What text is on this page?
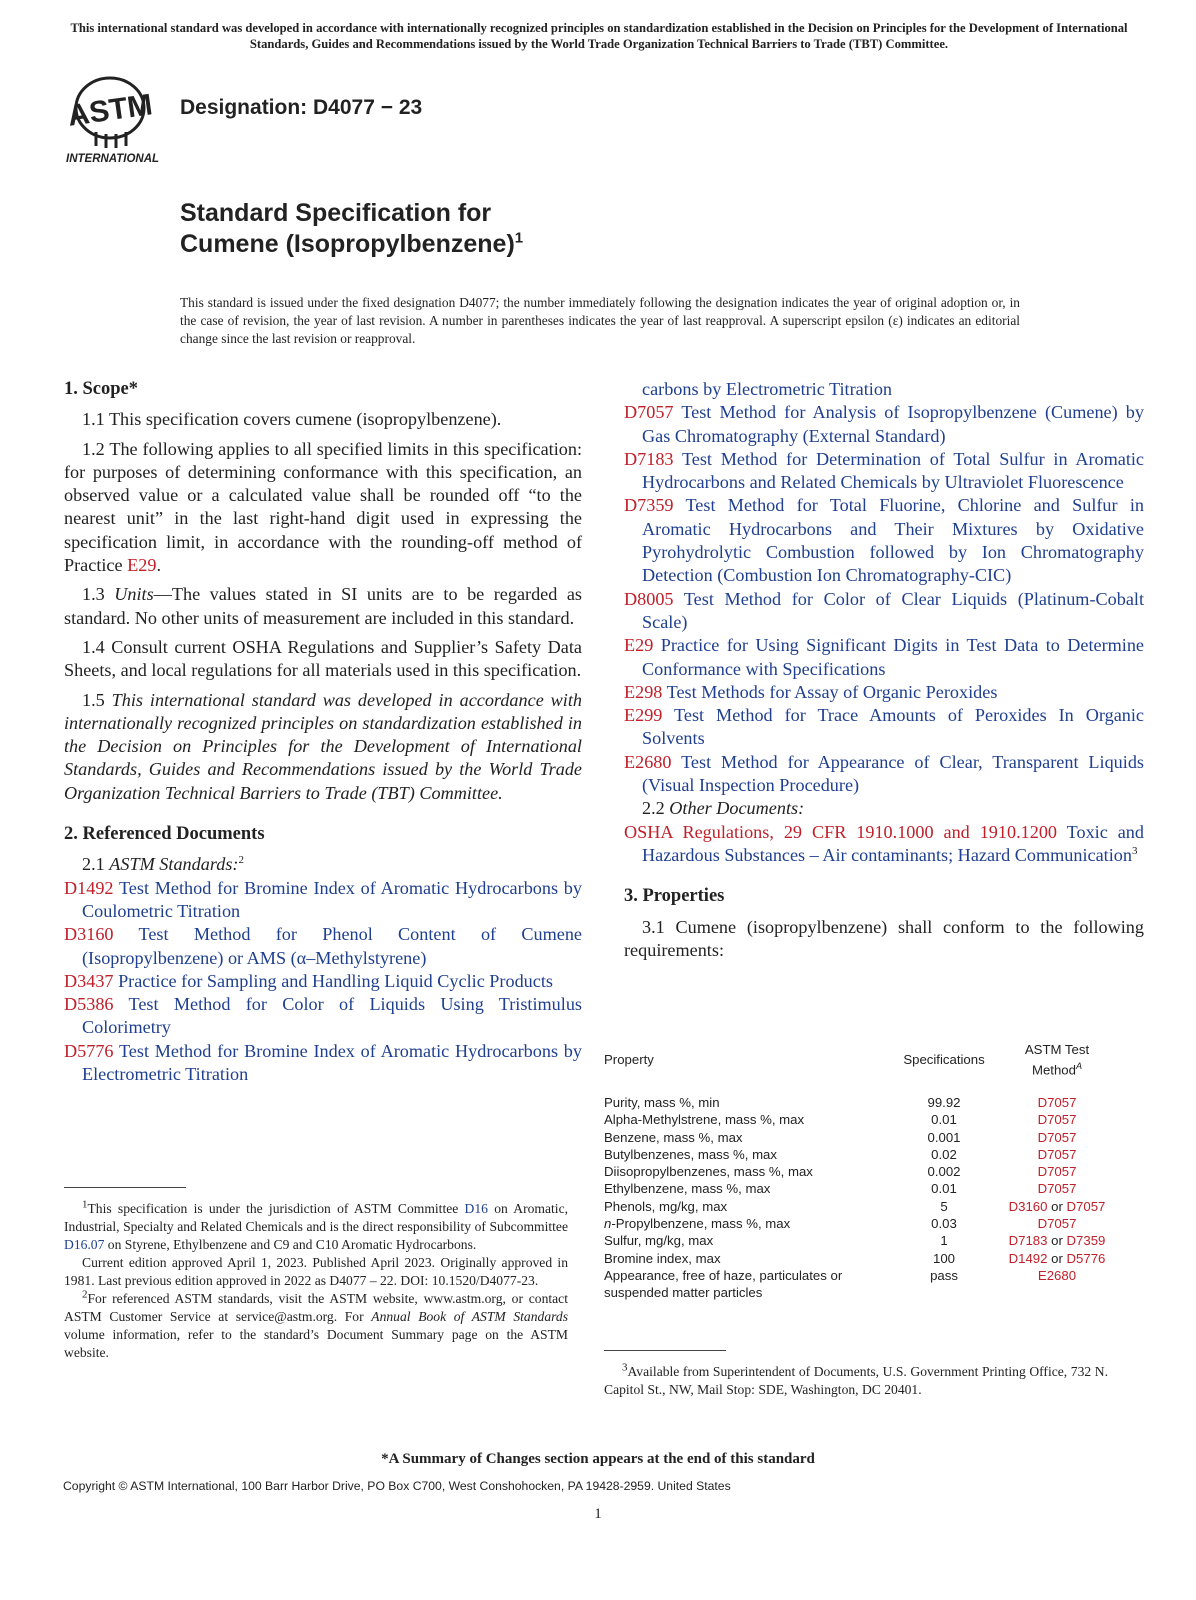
This international standard was developed in accordance with internationally recognized principles on standardization established in the Decision on Principles for the Development of International Standards, Guides and Recommendations issued by the World Trade Organization Technical Barriers to Trade (TBT) Committee.
ASTM
INTERNATIONAL
Designation: D4077 − 23
Standard Specification for
Cumene (Isopropylbenzene)$^1$
This standard is issued under the fixed designation D4077; the number immediately following the designation indicates the year of original adoption or, in the case of revision, the year of last revision. A number in parentheses indicates the year of last reapproval. A superscript epsilon (ε) indicates an editorial change since the last revision or reapproval.
1. Scope*

1.1 This specification covers cumene (isopropylbenzene).

1.2 The following applies to all specified limits in this specification: for purposes of determining conformance with this specification, an observed value or a calculated value shall be rounded off “to the nearest unit” in the last right-hand digit used in expressing the specification limit, in accordance with the rounding-off method of Practice E29.

1.3 Units—The values stated in SI units are to be regarded as standard. No other units of measurement are included in this standard.

1.4 Consult current OSHA Regulations and Supplier’s Safety Data Sheets, and local regulations for all materials used in this specification.

1.5 This international standard was developed in accordance with internationally recognized principles on standardization established in the Decision on Principles for the Development of International Standards, Guides and Recommendations issued by the World Trade Organization Technical Barriers to Trade (TBT) Committee.

2. Referenced Documents

2.1 ASTM Standards:$^2$

D1492 Test Method for Bromine Index of Aromatic Hydrocarbons by Coulometric Titration

D3160 Test Method for Phenol Content of Cumene (Isopropylbenzene) or AMS (α–Methylstyrene)

D3437 Practice for Sampling and Handling Liquid Cyclic Products

D5386 Test Method for Color of Liquids Using Tristimulus Colorimetry

D5776 Test Method for Bromine Index of Aromatic Hydrocarbons by Electrometric Titration

$^1$This specification is under the jurisdiction of ASTM Committee D16 on Aromatic, Industrial, Specialty and Related Chemicals and is the direct responsibility of Subcommittee D16.07 on Styrene, Ethylbenzene and C9 and C10 Aromatic Hydrocarbons.

Current edition approved April 1, 2023. Published April 2023. Originally approved in 1981. Last previous edition approved in 2022 as D4077 – 22. DOI: 10.1520/D4077-23.

$^2$For referenced ASTM standards, visit the ASTM website, www.astm.org, or contact ASTM Customer Service at service@astm.org. For Annual Book of ASTM Standards volume information, refer to the standard’s Document Summary page on the ASTM website.

carbons by Electrometric Titration

D7057 Test Method for Analysis of Isopropylbenzene (Cumene) by Gas Chromatography (External Standard)

D7183 Test Method for Determination of Total Sulfur in Aromatic Hydrocarbons and Related Chemicals by Ultraviolet Fluorescence

D7359 Test Method for Total Fluorine, Chlorine and Sulfur in Aromatic Hydrocarbons and Their Mixtures by Oxidative Pyrohydrolytic Combustion followed by Ion Chromatography Detection (Combustion Ion Chromatography-CIC)

D8005 Test Method for Color of Clear Liquids (Platinum-Cobalt Scale)

E29 Practice for Using Significant Digits in Test Data to Determine Conformance with Specifications

E298 Test Methods for Assay of Organic Peroxides

E299 Test Method for Trace Amounts of Peroxides In Organic Solvents

E2680 Test Method for Appearance of Clear, Transparent Liquids (Visual Inspection Procedure)

2.2 Other Documents:

OSHA Regulations, 29 CFR 1910.1000 and 1910.1200 Toxic and Hazardous Substances – Air contaminants; Hazard Communication$^3$

3. Properties

3.1 Cumene (isopropylbenzene) shall conform to the following requirements:

Property	Specifications	ASTM Test Method$^A$

Purity, mass %, min	99.92	D7057
Alpha-Methylstrene, mass %, max	0.01	D7057
Benzene, mass %, max	0.001	D7057
Butylbenzenes, mass %, max	0.02	D7057
Diisopropylbenzenes, mass %, max	0.002	D7057
Ethylbenzene, mass %, max	0.01	D7057
Phenols, mg/kg, max	5	D3160 or D7057
n-Propylbenzene, mass %, max	0.03	D7057
Sulfur, mg/kg, max	1	D7183 or D7359
Bromine index, max	100	D1492 or D5776
Appearance, free of haze, particulates or suspended matter particles	pass	E2680

$^3$Available from Superintendent of Documents, U.S. Government Printing Office, 732 N. Capitol St., NW, Mail Stop: SDE, Washington, DC 20401.

*A Summary of Changes section appears at the end of this standard
Copyright © ASTM International, 100 Barr Harbor Drive, PO Box C700, West Conshohocken, PA 19428-2959. United States
1
